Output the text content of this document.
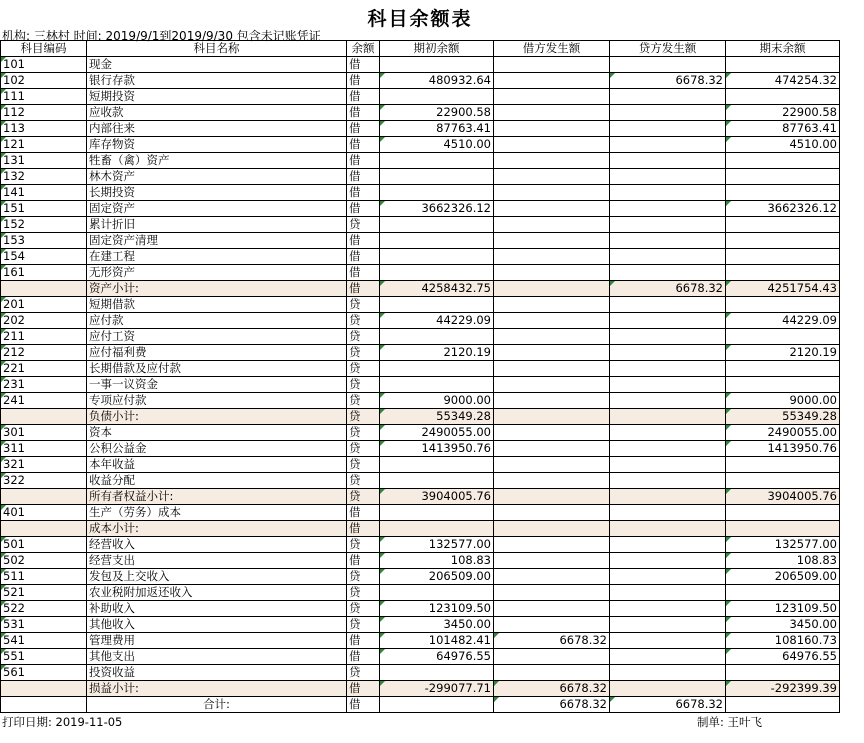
科目余额表
机构: 三林村 时间: 2019/9/1到2019/9/30 包含未记账凭证
科目编码	科目名称	余额	期初余额	借方发生额	贷方发生额	期末余额
101	现金	借				
102	银行存款	借	480932.64		6678.32	474254.32
111	短期投资	借				
112	应收款	借	22900.58			22900.58
113	内部往来	借	87763.41			87763.41
121	库存物资	借	4510.00			4510.00
131	牲畜（禽）资产	借				
132	林木资产	借				
141	长期投资	借				
151	固定资产	借	3662326.12			3662326.12
152	累计折旧	贷				
153	固定资产清理	借				
154	在建工程	借				
161	无形资产	借				
	资产小计:	借	4258432.75		6678.32	4251754.43
201	短期借款	贷				
202	应付款	贷	44229.09			44229.09
211	应付工资	贷				
212	应付福利费	贷	2120.19			2120.19
221	长期借款及应付款	贷				
231	一事一议资金	贷				
241	专项应付款	贷	9000.00			9000.00
	负债小计:	贷	55349.28			55349.28
301	资本	贷	2490055.00			2490055.00
311	公积公益金	贷	1413950.76			1413950.76
321	本年收益	贷				
322	收益分配	贷				
	所有者权益小计:	贷	3904005.76			3904005.76
401	生产（劳务）成本	借				
	成本小计:	借				
501	经营收入	贷	132577.00			132577.00
502	经营支出	借	108.83			108.83
511	发包及上交收入	贷	206509.00			206509.00
521	农业税附加返还收入	贷				
522	补助收入	贷	123109.50			123109.50
531	其他收入	贷	3450.00			3450.00
541	管理费用	借	101482.41	6678.32		108160.73
551	其他支出	借	64976.55			64976.55
561	投资收益	贷				
	损益小计:	借	-299077.71	6678.32		-292399.39
	合计:	借		6678.32	6678.32	
打印日期: 2019-11-05	制单: 王叶飞
